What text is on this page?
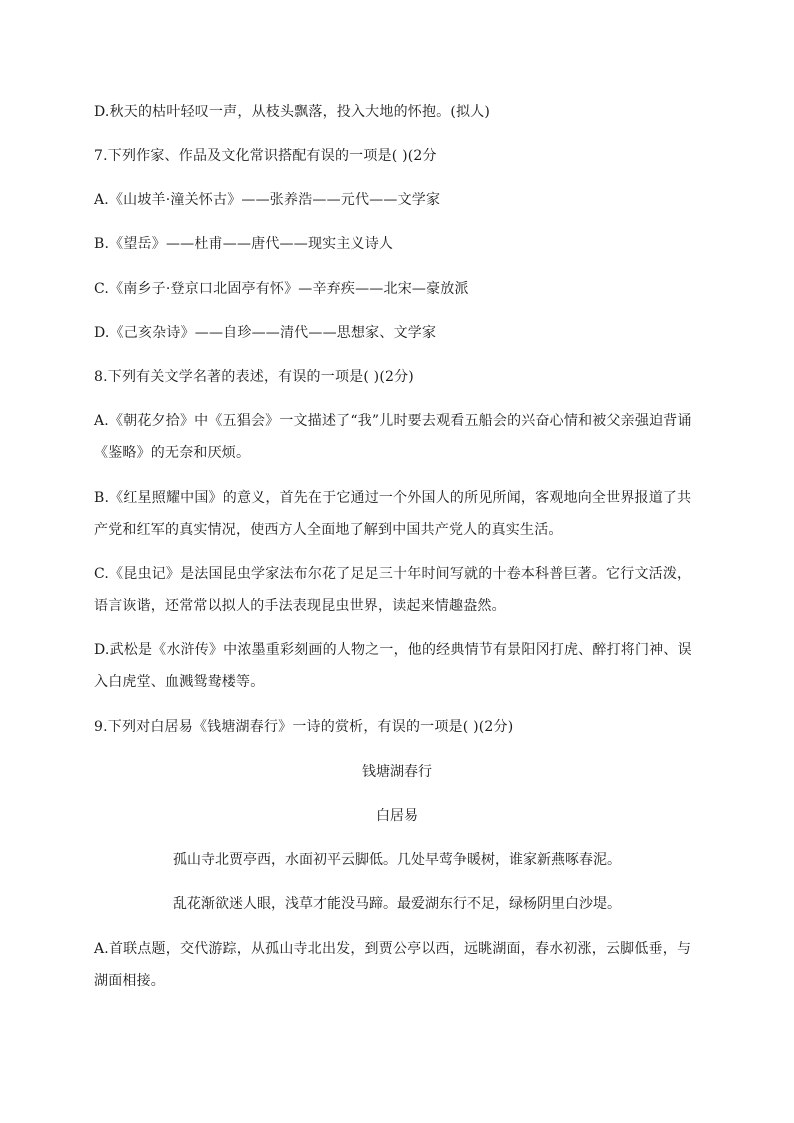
D.秋天的枯叶轻叹一声，从枝头飘落，投入大地的怀抱。(拟人)
7.下列作家、作品及文化常识搭配有误的一项是( )(2分
A.《山坡羊·潼关怀古》——张养浩——元代——文学家
B.《望岳》——杜甫——唐代——现实主义诗人
C.《南乡子·登京口北固亭有怀》—辛弃疾——北宋—豪放派
D.《己亥杂诗》——自珍——清代——思想家、文学家
8.下列有关文学名著的表述，有误的一项是( )(2分)
A.《朝花夕拾》中《五猖会》一文描述了“我”儿时要去观看五船会的兴奋心情和被父亲强迫背诵《鉴略》的无奈和厌烦。
B.《红星照耀中国》的意义，首先在于它通过一个外国人的所见所闻，客观地向全世界报道了共产党和红军的真实情况，使西方人全面地了解到中国共产党人的真实生活。
C.《昆虫记》是法国昆虫学家法布尔花了足足三十年时间写就的十卷本科普巨著。它行文活泼，语言诙谐，还常常以拟人的手法表现昆虫世界，读起来情趣盎然。
D.武松是《水浒传》中浓墨重彩刻画的人物之一，他的经典情节有景阳冈打虎、醉打将门神、误入白虎堂、血溅鸳鸯楼等。
9.下列对白居易《钱塘湖春行》一诗的赏析，有误的一项是( )(2分)
钱塘湖春行
白居易
孤山寺北贾亭西，水面初平云脚低。几处早莺争暖树，谁家新燕啄春泥。
乱花渐欲迷人眼，浅草才能没马蹄。最爱湖东行不足，绿杨阴里白沙堤。
A.首联点题，交代游踪，从孤山寺北出发，到贾公亭以西，远眺湖面，春水初涨，云脚低垂，与湖面相接。
